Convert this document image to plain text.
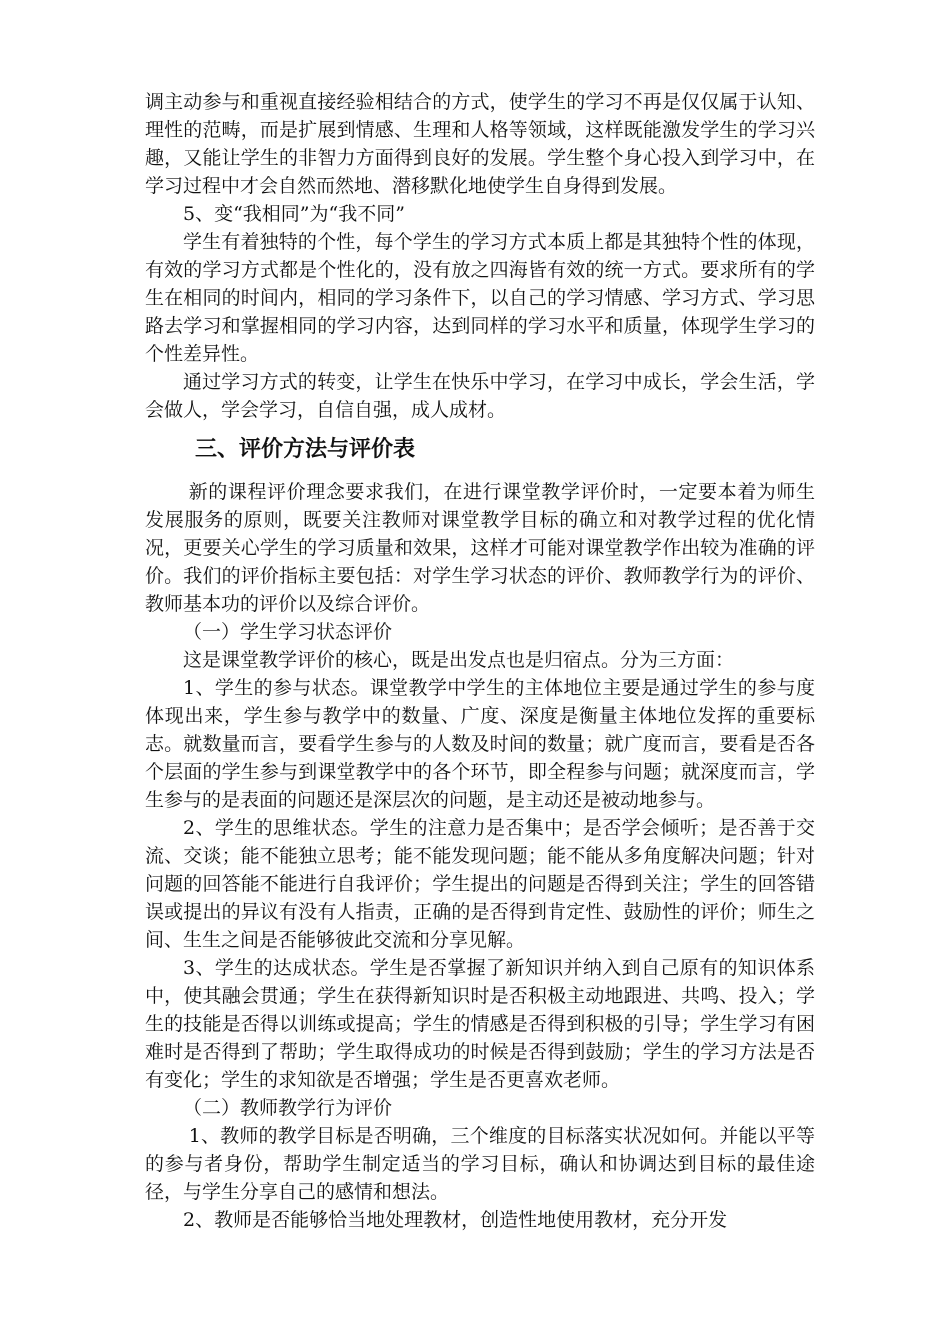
调主动参与和重视直接经验相结合的方式，使学生的学习不再是仅仅属于认知、理性的范畴，而是扩展到情感、生理和人格等领域，这样既能激发学生的学习兴趣，又能让学生的非智力方面得到良好的发展。学生整个身心投入到学习中，在学习过程中才会自然而然地、潜移默化地使学生自身得到发展。

5、变“我相同”为“我不同”

学生有着独特的个性，每个学生的学习方式本质上都是其独特个性的体现，有效的学习方式都是个性化的，没有放之四海皆有效的统一方式。要求所有的学生在相同的时间内，相同的学习条件下，以自己的学习情感、学习方式、学习思路去学习和掌握相同的学习内容，达到同样的学习水平和质量，体现学生学习的个性差异性。

通过学习方式的转变，让学生在快乐中学习，在学习中成长，学会生活，学会做人，学会学习，自信自强，成人成材。

三、评价方法与评价表

新的课程评价理念要求我们，在进行课堂教学评价时，一定要本着为师生发展服务的原则，既要关注教师对课堂教学目标的确立和对教学过程的优化情况，更要关心学生的学习质量和效果，这样才可能对课堂教学作出较为准确的评价。我们的评价指标主要包括：对学生学习状态的评价、教师教学行为的评价、教师基本功的评价以及综合评价。

（一）学生学习状态评价

这是课堂教学评价的核心，既是出发点也是归宿点。分为三方面：

1、学生的参与状态。课堂教学中学生的主体地位主要是通过学生的参与度体现出来，学生参与教学中的数量、广度、深度是衡量主体地位发挥的重要标志。就数量而言，要看学生参与的人数及时间的数量；就广度而言，要看是否各个层面的学生参与到课堂教学中的各个环节，即全程参与问题；就深度而言，学生参与的是表面的问题还是深层次的问题，是主动还是被动地参与。

2、学生的思维状态。学生的注意力是否集中；是否学会倾听；是否善于交流、交谈；能不能独立思考；能不能发现问题；能不能从多角度解决问题；针对问题的回答能不能进行自我评价；学生提出的问题是否得到关注；学生的回答错误或提出的异议有没有人指责，正确的是否得到肯定性、鼓励性的评价；师生之间、生生之间是否能够彼此交流和分享见解。

3、学生的达成状态。学生是否掌握了新知识并纳入到自己原有的知识体系中，使其融会贯通；学生在获得新知识时是否积极主动地跟进、共鸣、投入；学生的技能是否得以训练或提高；学生的情感是否得到积极的引导；学生学习有困难时是否得到了帮助；学生取得成功的时候是否得到鼓励；学生的学习方法是否有变化；学生的求知欲是否增强；学生是否更喜欢老师。

（二）教师教学行为评价

1、教师的教学目标是否明确，三个维度的目标落实状况如何。并能以平等的参与者身份，帮助学生制定适当的学习目标，确认和协调达到目标的最佳途径，与学生分享自己的感情和想法。

2、教师是否能够恰当地处理教材，创造性地使用教材，充分开发
